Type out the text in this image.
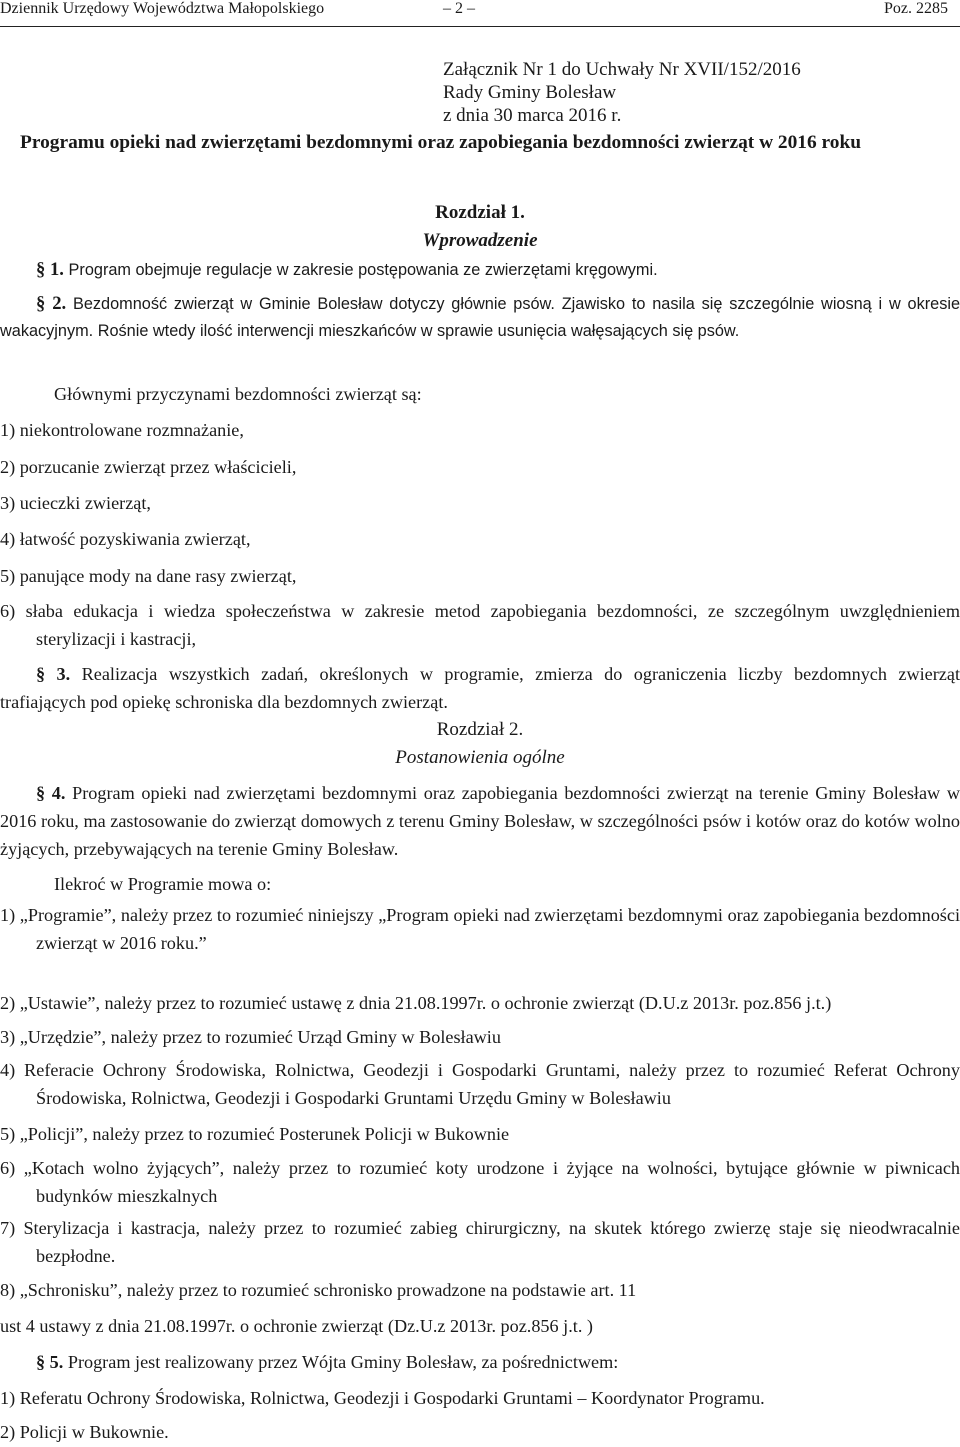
Dziennik Urzędowy Województwa Małopolskiego	– 2 –	Poz. 2285
Załącznik Nr 1 do Uchwały Nr XVII/152/2016
Rady Gminy Bolesław
z dnia 30 marca 2016 r.
Programu opieki nad zwierzętami bezdomnymi oraz zapobiegania bezdomności zwierząt w 2016 roku
Rozdział 1.
Wprowadzenie
§ 1. Program obejmuje regulacje w zakresie postępowania ze zwierzętami kręgowymi.
§ 2. Bezdomność zwierząt w Gminie Bolesław dotyczy głównie psów. Zjawisko to nasila się szczególnie wiosną i w okresie wakacyjnym. Rośnie wtedy ilość interwencji mieszkańców w sprawie usunięcia wałęsających się psów.
Głównymi przyczynami bezdomności zwierząt są:
1) niekontrolowane rozmnażanie,
2) porzucanie zwierząt przez właścicieli,
3) ucieczki zwierząt,
4) łatwość pozyskiwania zwierząt,
5) panujące mody na dane rasy zwierząt,
6) słaba edukacja i wiedza społeczeństwa w zakresie metod zapobiegania bezdomności, ze szczególnym uwzględnieniem sterylizacji i kastracji,
§ 3. Realizacja wszystkich zadań, określonych w programie, zmierza do ograniczenia liczby bezdomnych zwierząt trafiających pod opiekę schroniska dla bezdomnych zwierząt.
Rozdział 2.
Postanowienia ogólne
§ 4. Program opieki nad zwierzętami bezdomnymi oraz zapobiegania bezdomności zwierząt na terenie Gminy Bolesław w 2016 roku, ma zastosowanie do zwierząt domowych z terenu Gminy Bolesław, w szczególności psów i kotów oraz do kotów wolno żyjących, przebywających na terenie Gminy Bolesław.
Ilekroć w Programie mowa o:
1) „Programie”, należy przez to rozumieć niniejszy „Program opieki nad zwierzętami bezdomnymi oraz zapobiegania bezdomności zwierząt w 2016 roku.”
2) „Ustawie”, należy przez to rozumieć ustawę z dnia 21.08.1997r. o ochronie zwierząt (D.U.z 2013r. poz.856 j.t.)
3) „Urzędzie”, należy przez to rozumieć Urząd Gminy w Bolesławiu
4) Referacie Ochrony Środowiska, Rolnictwa, Geodezji i Gospodarki Gruntami, należy przez to rozumieć Referat Ochrony Środowiska, Rolnictwa, Geodezji i Gospodarki Gruntami Urzędu Gminy w Bolesławiu
5) „Policji”, należy przez to rozumieć Posterunek Policji w Bukownie
6) „Kotach wolno żyjących”, należy przez to rozumieć koty urodzone i żyjące na wolności, bytujące głównie w piwnicach budynków mieszkalnych
7) Sterylizacja i kastracja, należy przez to rozumieć zabieg chirurgiczny, na skutek którego zwierzę staje się nieodwracalnie bezpłodne.
8) „Schronisku”, należy przez to rozumieć schronisko prowadzone na podstawie art. 11
ust 4 ustawy z dnia 21.08.1997r. o ochronie zwierząt (Dz.U.z 2013r. poz.856 j.t. )
§ 5. Program jest realizowany przez Wójta Gminy Bolesław, za pośrednictwem:
1) Referatu Ochrony Środowiska, Rolnictwa, Geodezji i Gospodarki Gruntami – Koordynator Programu.
2) Policji w Bukownie.
